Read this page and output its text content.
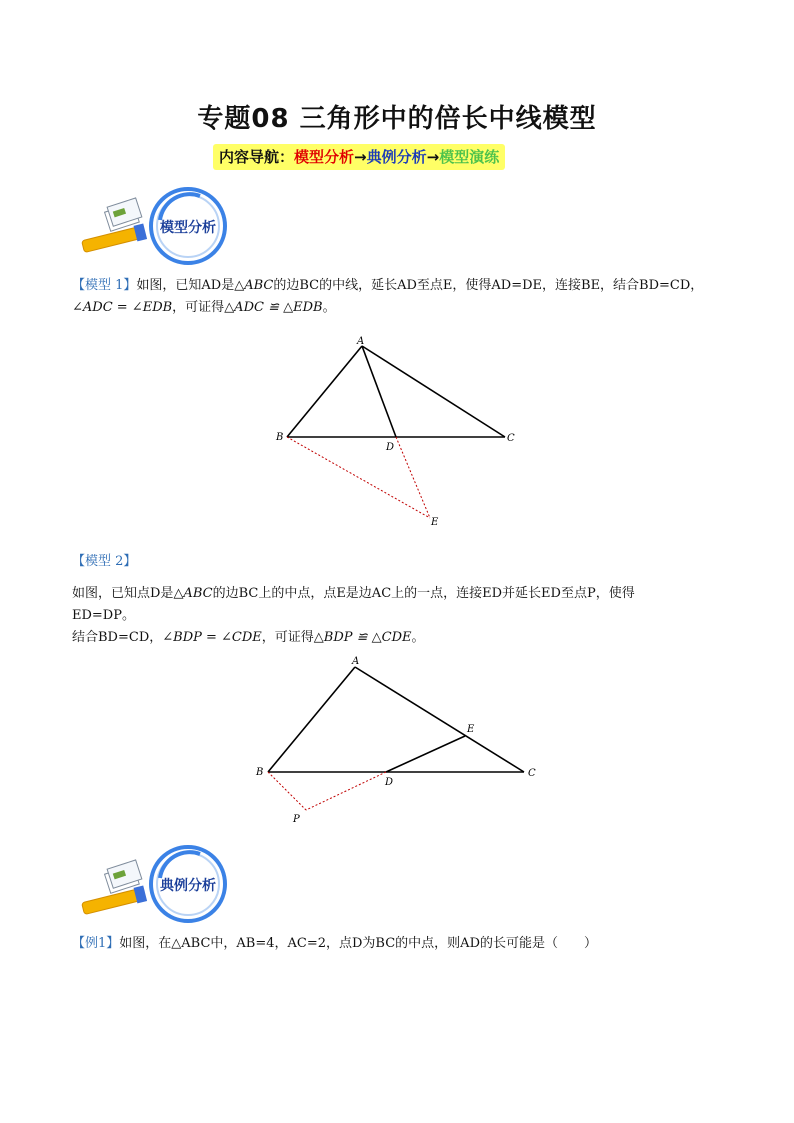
专题08 三角形中的倍长中线模型
内容导航：模型分析→典例分析→模型演练
模型分析
【模型 1】如图，已知AD是△ABC的边BC的中线，延长AD至点E，使得AD=DE，连接BE，结合BD=CD，
∠ADC = ∠EDB，可证得△ADC ≌ △EDB。
A
B	C
D
E
【模型 2】
如图，已知点D是△ABC的边BC上的中点，点E是边AC上的一点，连接ED并延长ED至点P，使得
ED=DP。
结合BD=CD，∠BDP = ∠CDE，可证得△BDP ≌ △CDE。
A
B	C
D
E
P
典例分析
【例1】如图，在△ABC中，AB=4，AC=2，点D为BC的中点，则AD的长可能是（　　）
